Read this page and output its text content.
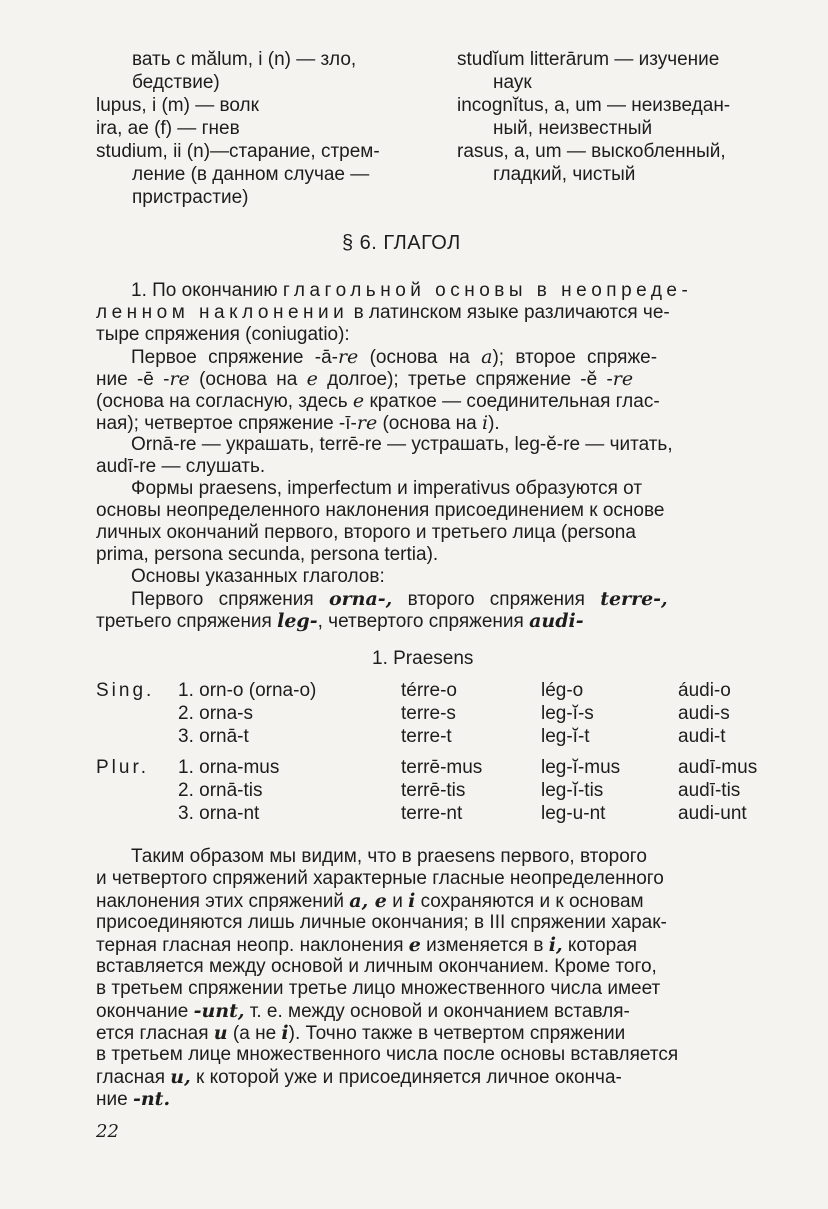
вать с mălum, i (n) — зло,
бедствие)
lupus, i (m) — волк
ira, ae (f) — гнев
studium, ii (n)—старание, стрем-
ление (в данном случае —
пристрастие)
studĭum litterārum — изучение
наук
incognĭtus, a, um — неизведан-
ный, неизвестный
rasus, a, um — выскобленный,
гладкий, чистый
§ 6. ГЛАГОЛ
1. По окончанию глагольной основы в неопреде-
ленном наклонении в латинском языке различаются че-
тыре спряжения (coniugatio):
Первое спряжение -ā-re (основа на a); второе спряже-
ние -ē -re (основа на e долгое); третье спряжение -ĕ -re
(основа на согласную, здесь e краткое — соединительная глас-
ная); четвертое спряжение -ī-re (основа на i).
Ornā-re — украшать, terrē-re — устрашать, leg-ĕ-re — читать,
audī-re — слушать.
Формы praesens, imperfectum и imperativus образуются от
основы неопределенного наклонения присоединением к основе
личных окончаний первого, второго и третьего лица (persona
prima, persona secunda, persona tertia).
Основы указанных глаголов:
Первого спряжения orna-, второго спряжения terre-,
третьего спряжения leg-, четвертого спряжения audi-
1. Praesens
Sing. 1. orn-o (orna-o)
2. orna-s
3. ornā-t
térre-o
terre-s
terre-t
lég-o
leg-ĭ-s
leg-ĭ-t
áudi-o
audi-s
audi-t
Plur. 1. orna-mus
2. ornā-tis
3. orna-nt
terrē-mus
terrē-tis
terre-nt
leg-ĭ-mus
leg-ĭ-tis
leg-u-nt
audī-mus
audī-tis
audi-unt
Таким образом мы видим, что в praesens первого, второго
и четвертого спряжений характерные гласные неопределенного
наклонения этих спряжений a, e и i сохраняются и к основам
присоединяются лишь личные окончания; в III спряжении харак-
терная гласная неопр. наклонения e изменяется в i, которая
вставляется между основой и личным окончанием. Кроме того,
в третьем спряжении третье лицо множественного числа имеет
окончание -unt, т. е. между основой и окончанием вставля-
ется гласная u (а не i). Точно также в четвертом спряжении
в третьем лице множественного числа после основы вставляется
гласная u, к которой уже и присоединяется личное оконча-
ние -nt.
22
